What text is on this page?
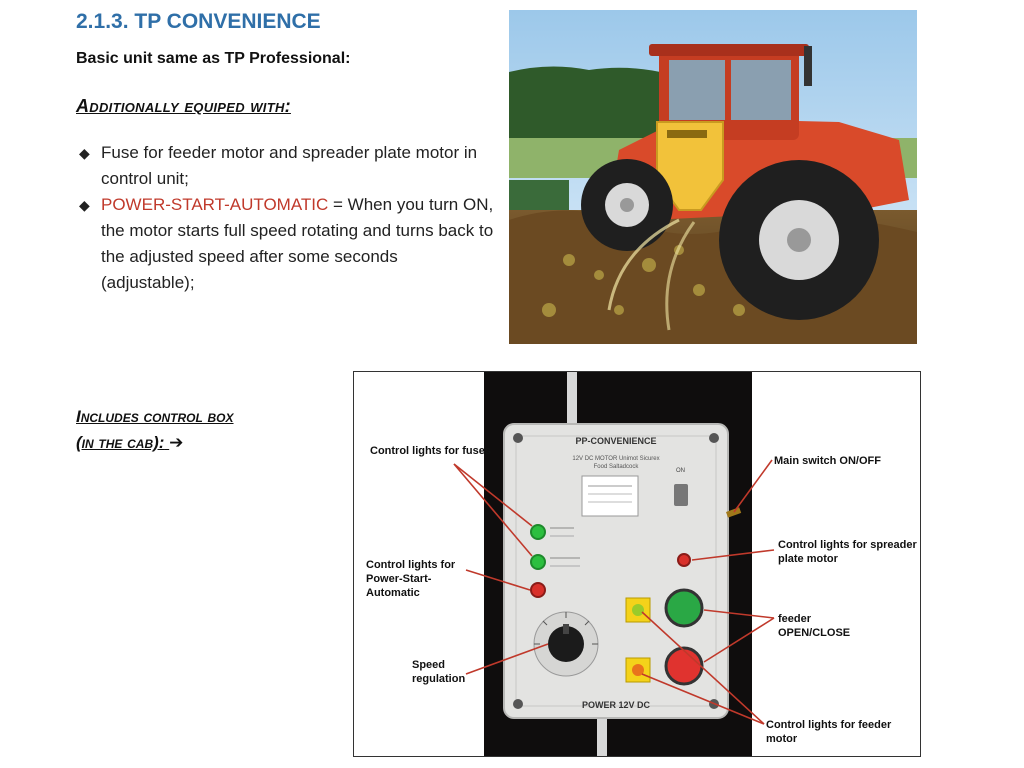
2.1.3. TP CONVENIENCE
Basic unit same as TP Professional:
Additionally equiped with:
◆ Fuse for feeder motor and spreader plate motor in control unit;
◆ POWER-START-AUTOMATIC = When you turn ON, the motor starts full speed rotating and turns back to the adjusted speed after some seconds (adjustable);
Includes control box
(in the cab): ➔	PP-CONVENIENCE
12V DC MOTOR Unimot Sicurex
Food Saltadcock
POWER 12V DC
ON
Control lights for fuses
Control lights for Power-Start-Automatic
Speed regulation
Main switch ON/OFF
Control lights for spreader plate motor
feeder OPEN/CLOSE
Control lights for feeder motor
